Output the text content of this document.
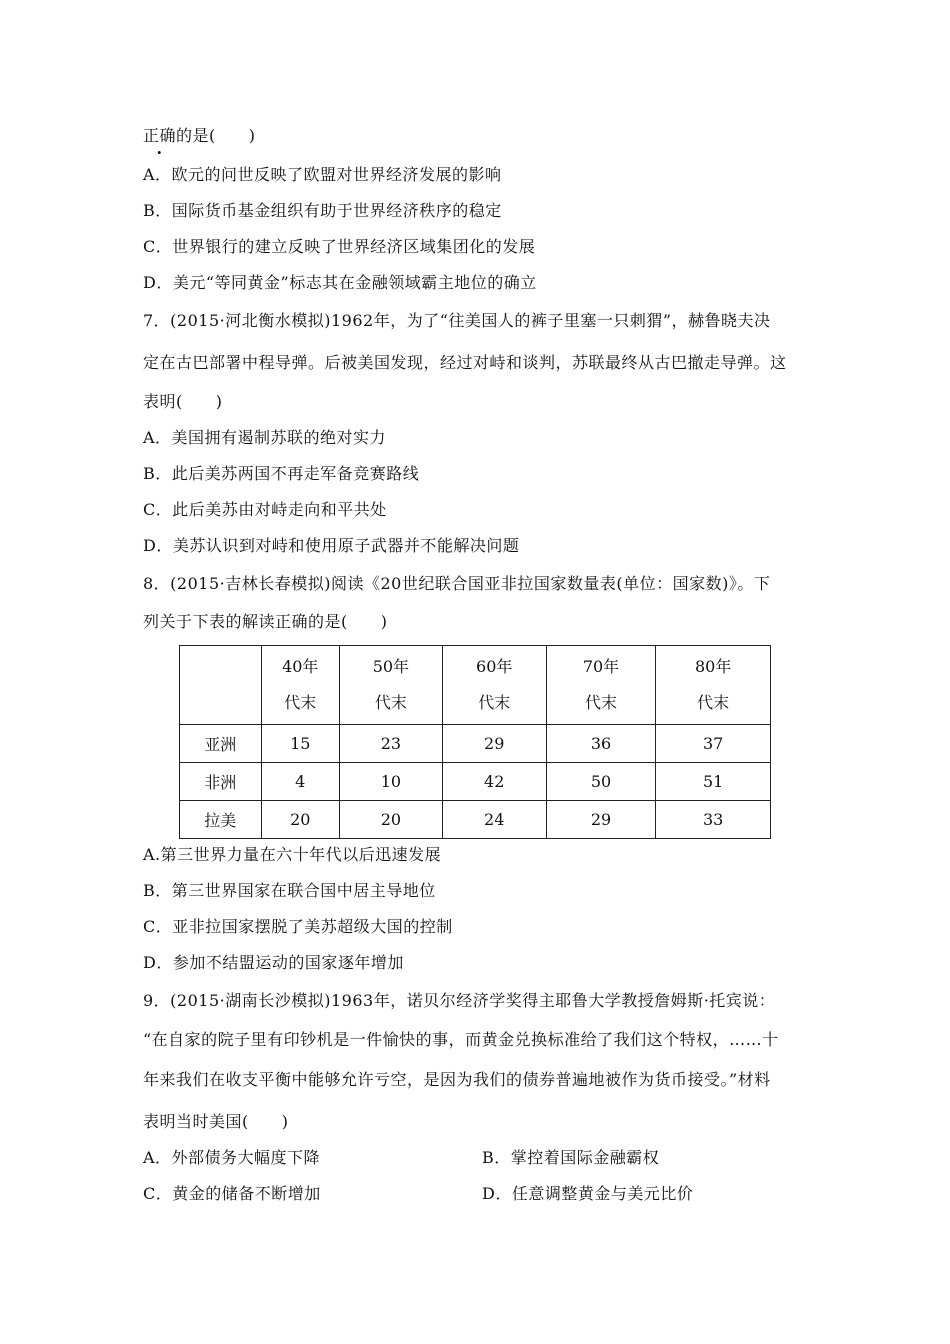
正确的是(　　)
A．欧元的问世反映了欧盟对世界经济发展的影响
B．国际货币基金组织有助于世界经济秩序的稳定
C．世界银行的建立反映了世界经济区域集团化的发展
D．美元“等同黄金”标志其在金融领域霸主地位的确立
7．(2015·河北衡水模拟)1962年，为了“往美国人的裤子里塞一只刺猬”，赫鲁晓夫决
定在古巴部署中程导弹。后被美国发现，经过对峙和谈判，苏联最终从古巴撤走导弹。这
表明(　　)
A．美国拥有遏制苏联的绝对实力
B．此后美苏两国不再走军备竞赛路线
C．此后美苏由对峙走向和平共处
D．美苏认识到对峙和使用原子武器并不能解决问题
8．(2015·吉林长春模拟)阅读《20世纪联合国亚非拉国家数量表(单位：国家数)》。下
列关于下表的解读正确的是(　　)
	40年代末	50年代末	60年代末	70年代末	80年代末
亚洲	15	23	29	36	37
非洲	4	10	42	50	51
拉美	20	20	24	29	33
A.第三世界力量在六十年代以后迅速发展
B．第三世界国家在联合国中居主导地位
C．亚非拉国家摆脱了美苏超级大国的控制
D．参加不结盟运动的国家逐年增加
9．(2015·湖南长沙模拟)1963年，诺贝尔经济学奖得主耶鲁大学教授詹姆斯·托宾说：
“在自家的院子里有印钞机是一件愉快的事，而黄金兑换标准给了我们这个特权，……十
年来我们在收支平衡中能够允许亏空，是因为我们的债券普遍地被作为货币接受。”材料
表明当时美国(　　)
A．外部债务大幅度下降	B．掌控着国际金融霸权
C．黄金的储备不断增加	D．任意调整黄金与美元比价
